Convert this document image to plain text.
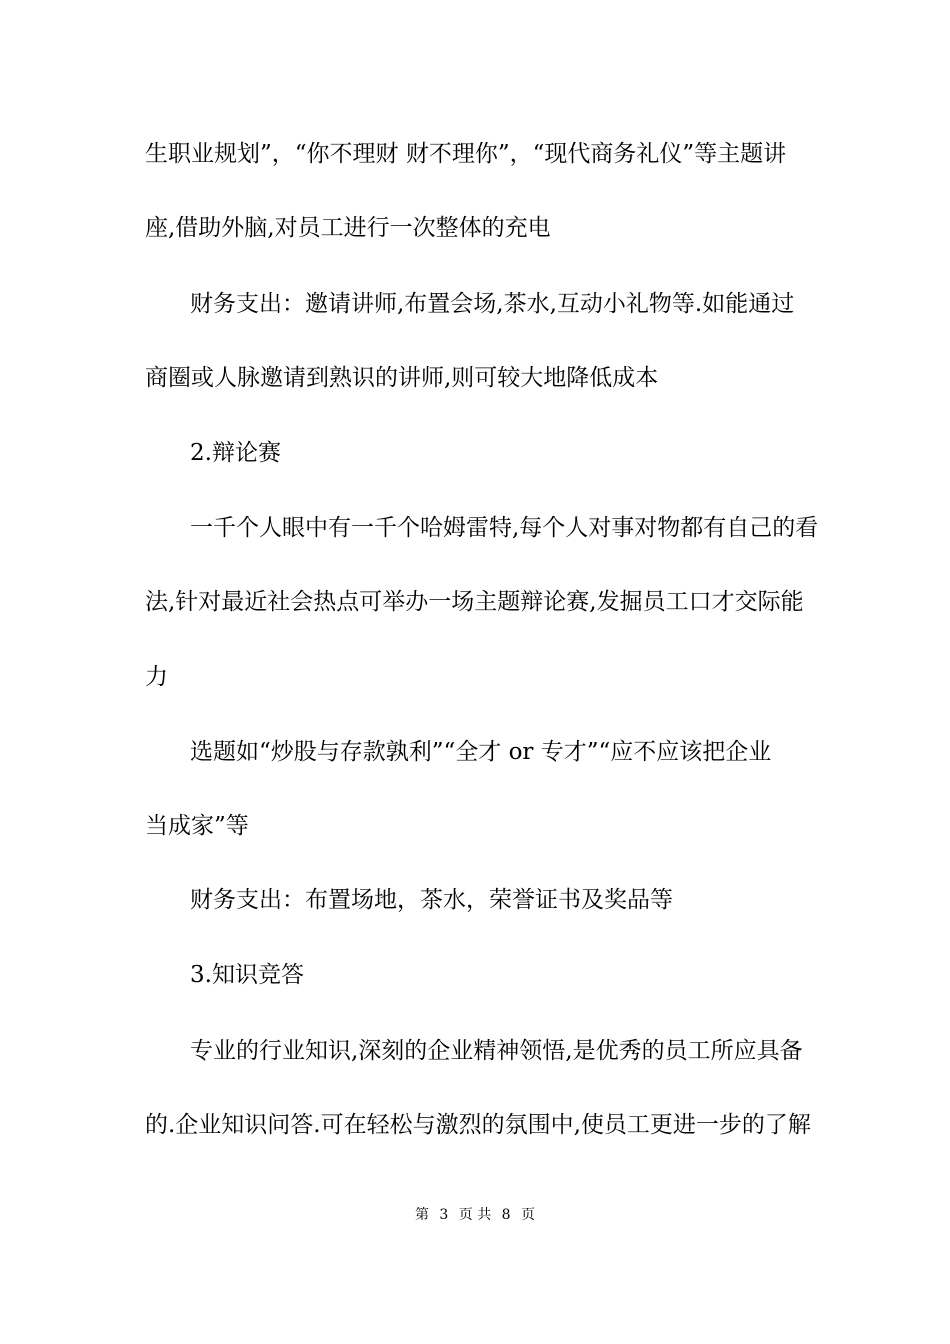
生职业规划”，“你不理财 财不理你”，“现代商务礼仪”等主题讲
座,借助外脑,对员工进行一次整体的充电
财务支出：邀请讲师,布置会场,茶水,互动小礼物等.如能通过
商圈或人脉邀请到熟识的讲师,则可较大地降低成本
2.辩论赛
一千个人眼中有一千个哈姆雷特,每个人对事对物都有自己的看
法,针对最近社会热点可举办一场主题辩论赛,发掘员工口才交际能
力
选题如“炒股与存款孰利”“全才 or 专才”“应不应该把企业
当成家”等
财务支出：布置场地，茶水，荣誉证书及奖品等
3.知识竞答
专业的行业知识,深刻的企业精神领悟,是优秀的员工所应具备
的.企业知识问答.可在轻松与激烈的氛围中,使员工更进一步的了解
第 3 页 共 8 页
